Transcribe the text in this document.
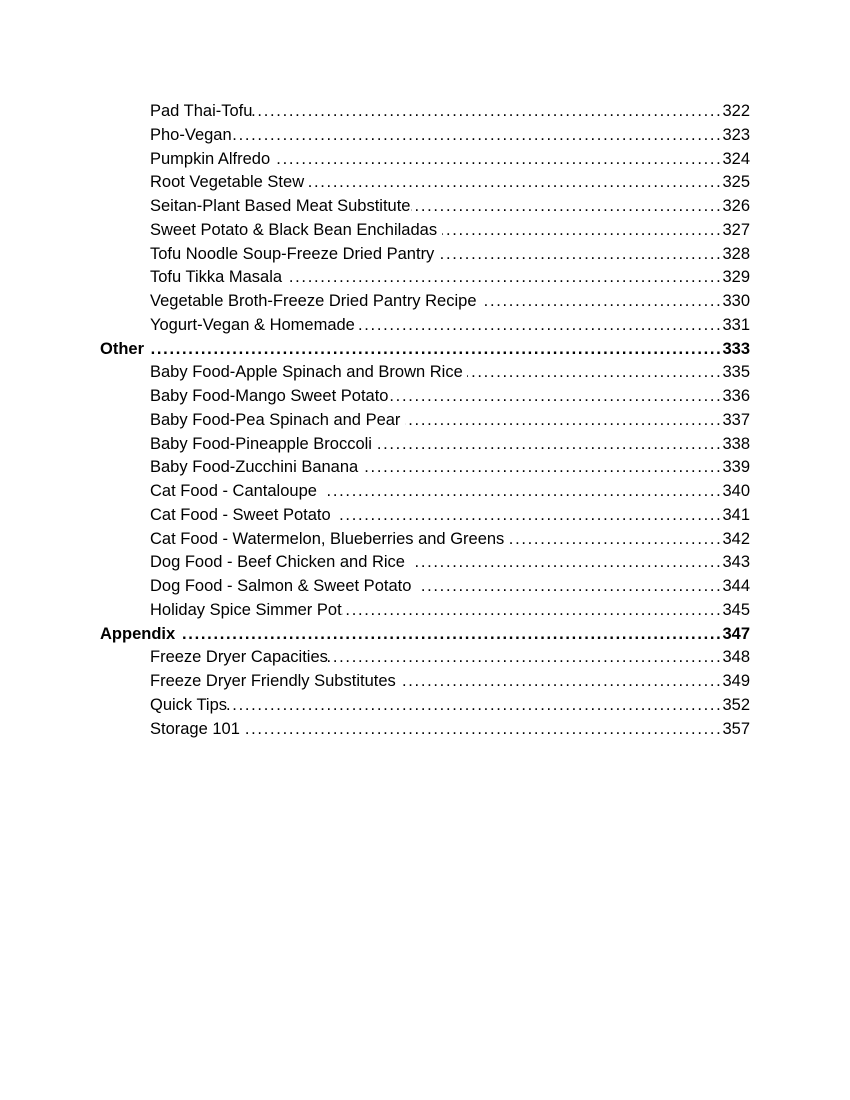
Pad Thai-Tofu .....	322
Pho-Vegan .....	323
Pumpkin Alfredo .....	324
Root Vegetable Stew .....	325
Seitan-Plant Based Meat Substitute .....	326
Sweet Potato & Black Bean Enchiladas .....	327
Tofu Noodle Soup-Freeze Dried Pantry .....	328
Tofu Tikka Masala .....	329
Vegetable Broth-Freeze Dried Pantry Recipe .....	330
Yogurt-Vegan & Homemade .....	331
Other .....	333
Baby Food-Apple Spinach and Brown Rice .....	335
Baby Food-Mango Sweet Potato .....	336
Baby Food-Pea Spinach and Pear .....	337
Baby Food-Pineapple Broccoli .....	338
Baby Food-Zucchini Banana .....	339
Cat Food - Cantaloupe .....	340
Cat Food - Sweet Potato .....	341
Cat Food - Watermelon, Blueberries and Greens .....	342
Dog Food - Beef Chicken and Rice .....	343
Dog Food - Salmon & Sweet Potato .....	344
Holiday Spice Simmer Pot .....	345
Appendix .....	347
Freeze Dryer Capacities .....	348
Freeze Dryer Friendly Substitutes .....	349
Quick Tips .....	352
Storage 101 .....	357
